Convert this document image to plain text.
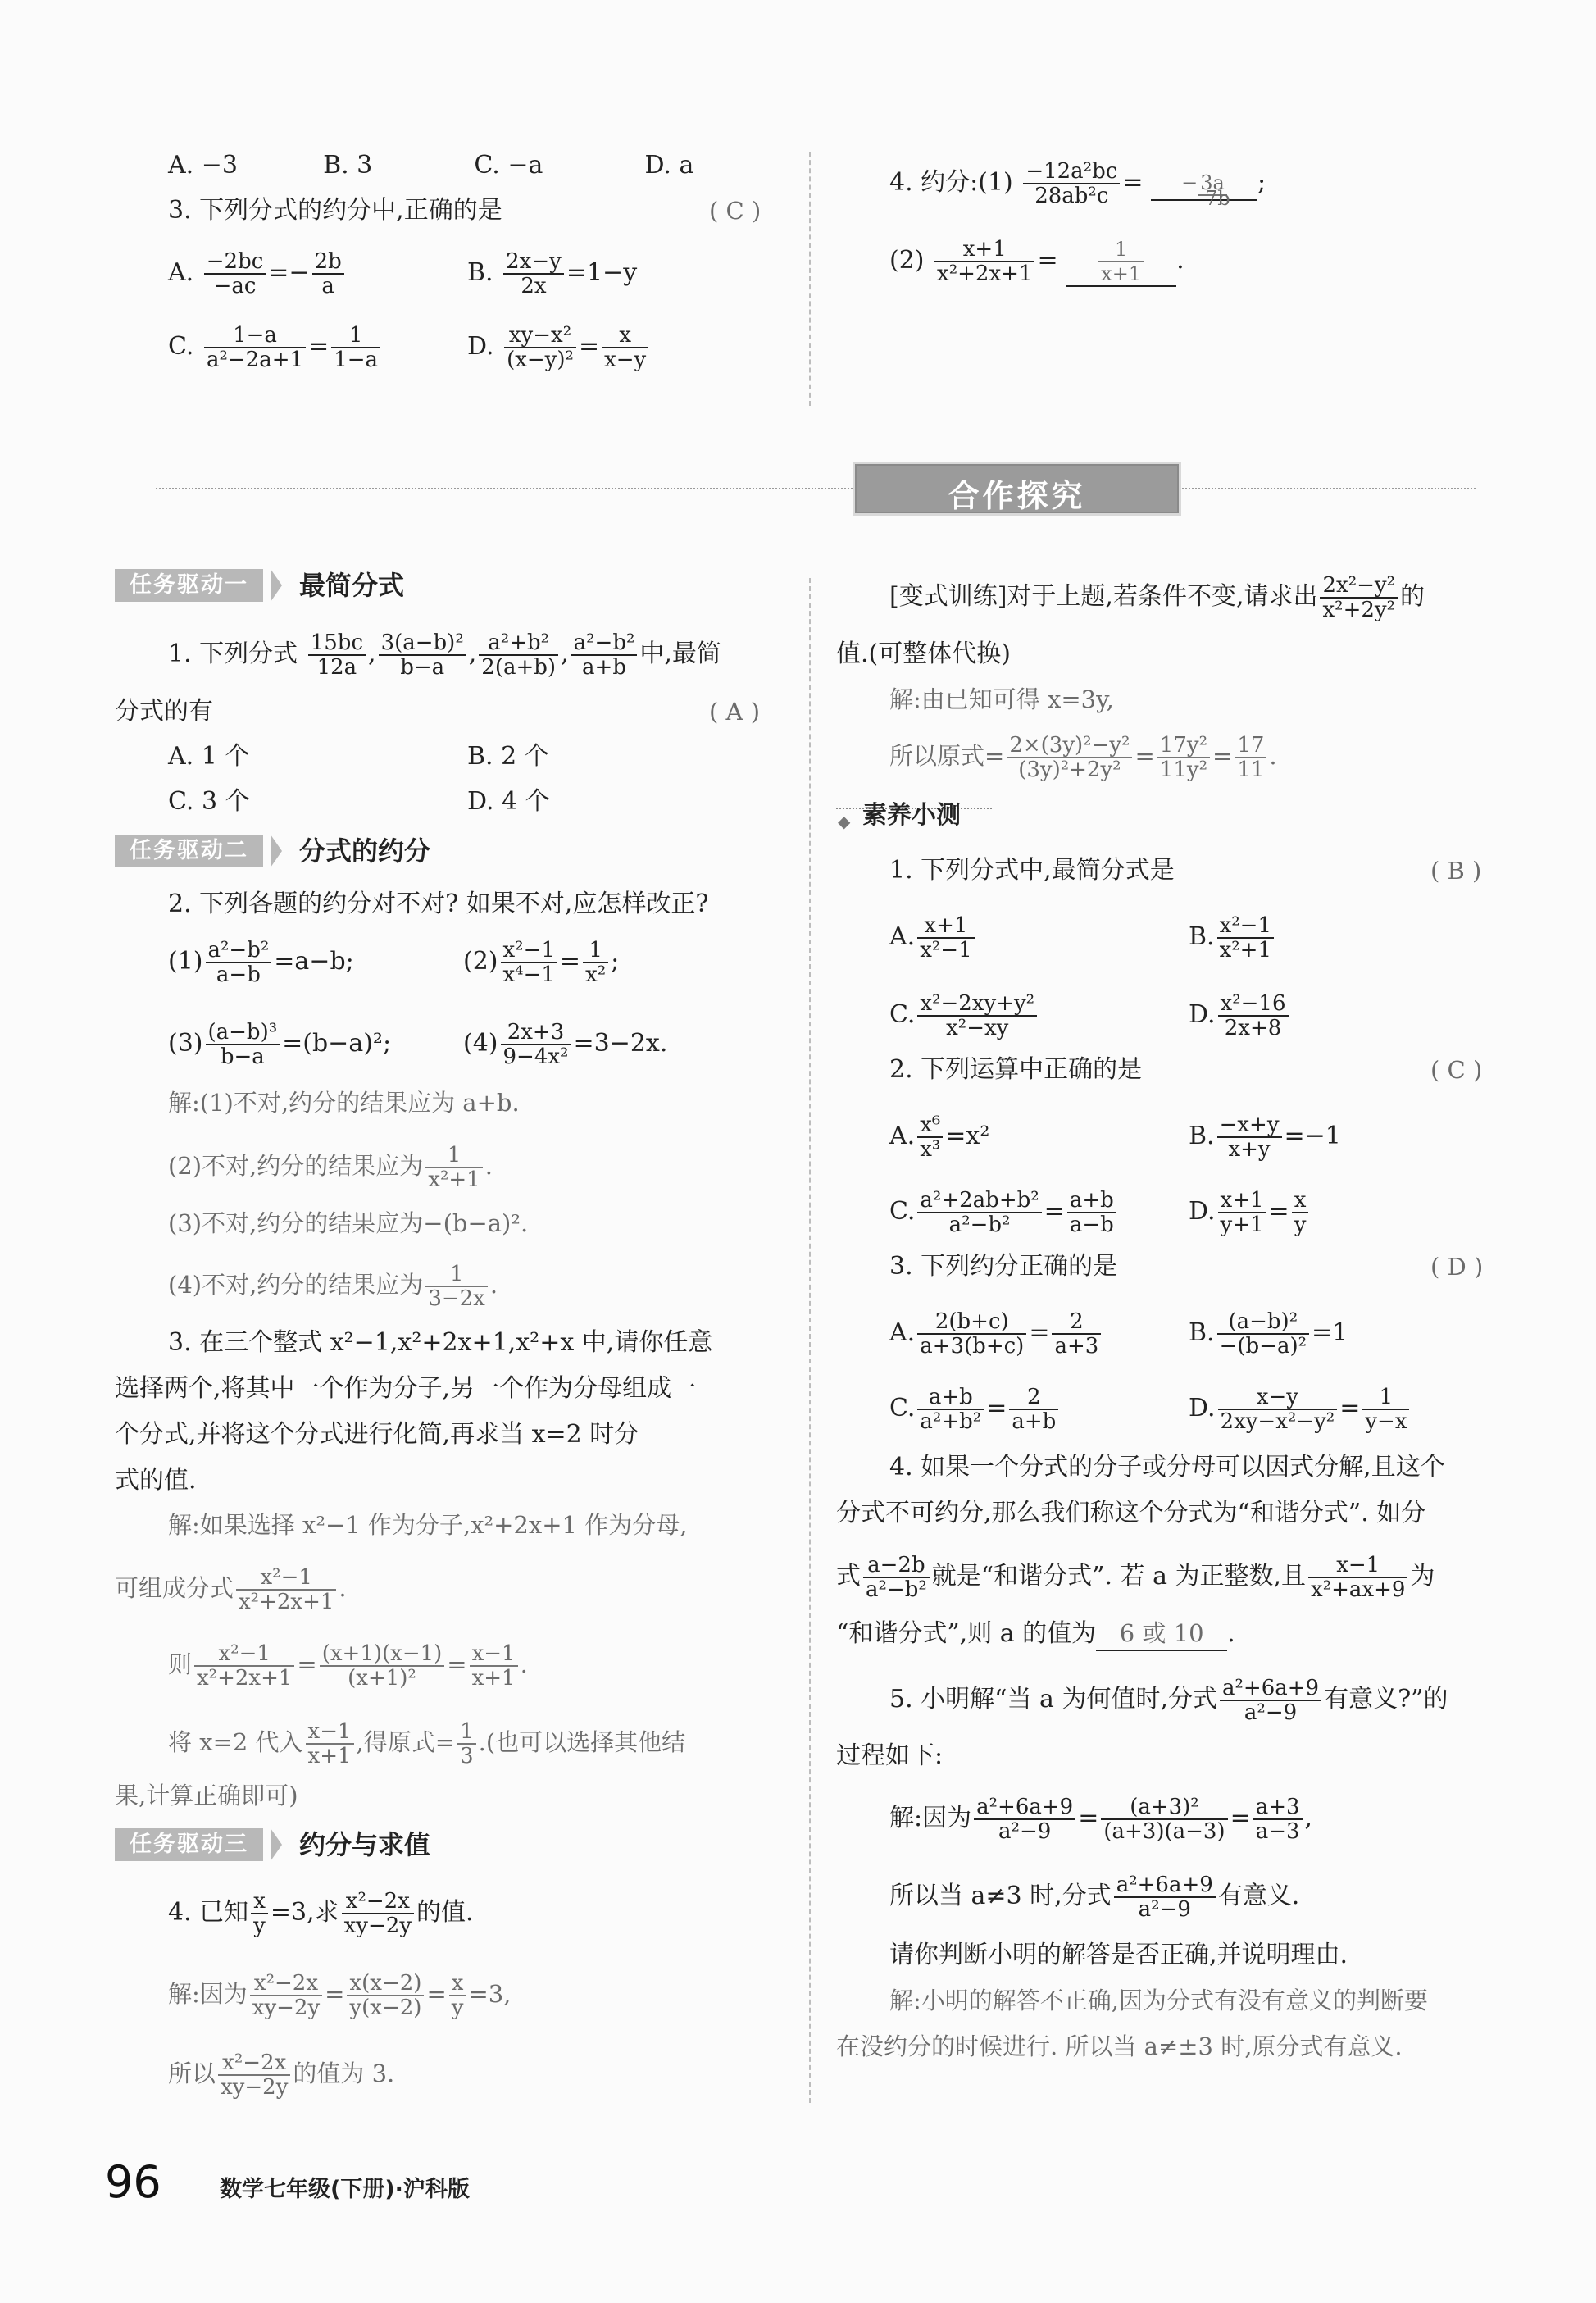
A. −3	B. 3	C. −a	D. a
3. 下列分式的约分中,正确的是	( C )
A. $\frac{-2bc}{-ac} =- \frac{2b}{a}$	B. $\frac{2x-y}{2x} =1-y$
C. $\frac{1-a}{\text{a²−2a+1}} = \frac{1}{1-a}$	D. $\frac{\text{xy−x²}}{\text{(x−y)²}} = \frac{x}{x-y}$
4. 约分:(1) $\frac{\text{−12a²bc}}{\text{28ab²c}}$ = − 3a ;
7b
$(2) \frac{x+1}{\text{x²+2x+1}} = \frac{1}{x+1}$ .
合作探究
任务驱动一	最简分式
1. 下列分式 $\frac{15bc}{12a}$ , $\frac{\text{3(a−b)²}}{b-a}$ , $\frac{\text{a²+b²}}{2(a+b)}$ , $\frac{\text{a²−b²}}{a+b}$ 中,最简
分式的有	( A )
A. 1 个	B. 2 个
C. 3 个	D. 4 个
任务驱动二	分式的约分
2. 下列各题的约分对不对? 如果不对,应怎样改正?
$(1) \frac{\text{a²−b²}}{a-b} =a-b$;	$(2) \frac{\text{x²−1}}{\text{x⁴−1}} = \frac{1}{\text{x²}}$ ;
$(3) \frac{\text{(a−b)³}}{b-a} =(b-a)^2$;	$(4) \frac{2x+3}{\text{9−4x²}} =3-2x$.
解:(1)不对,约分的结果应为 a+b.
(2)不对,约分的结果应为 $\frac{1}{\text{x²+1}}$ .
(3)不对,约分的结果应为−(b−a)².
(4)不对,约分的结果应为 $\frac{1}{3-2x}$ .
3. 在三个整式 x²−1,x²+2x+1,x²+x 中,请你任意
选择两个,将其中一个作为分子,另一个作为分母组成一
个分式,并将这个分式进行化简,再求当 x=2 时分
式的值.
解:如果选择 x²−1 作为分子,x²+2x+1 作为分母,
可组成分式 $\frac{\text{x²−1}}{\text{x²+2x+1}}$ .
则 $\frac{\text{x²−1}}{\text{x²+2x+1}} = \frac{(x+1)(x-1)}{\text{(x+1)²}} = \frac{x-1}{x+1}$ .
将 x=2 代入 $\frac{x-1}{x+1}$ ,得原式= $\frac{1}{3}$ .(也可以选择其他结
果,计算正确即可)
任务驱动三	约分与求值
4. 已知 $\frac{x}{y} =3$,求 $\frac{\text{x²−2x}}{xy-2y}$ 的值.
解:因为 $\frac{\text{x²−2x}}{xy-2y} = \frac{x(x-2)}{y(x-2)} = \frac{x}{y} =3$,
所以 $\frac{\text{x²−2x}}{xy-2y}$ 的值为 3.
[变式训练]对于上题,若条件不变,请求出 $\frac{\text{2x²−y²}}{\text{x²+2y²}}$ 的
值.(可整体代换)
解:由已知可得 x=3y,
所以原式= $\frac{\text{2×(3y)²−y²}}{\text{(3y)²+2y²}} = \frac{\text{17y²}}{\text{11y²}} = \frac{17}{11}$ .
◆ 素养小测
1. 下列分式中,最简分式是	( B )
A. $\frac{x+1}{\text{x²−1}}$	B. $\frac{\text{x²−1}}{\text{x²+1}}$
C. $\frac{\text{x²−2xy+y²}}{\text{x²−xy}}$	D. $\frac{\text{x²−16}}{2x+8}$
2. 下列运算中正确的是	( C )
A. $\frac{\text{x⁶}}{\text{x³}} =x^2$	B. $\frac{-x+y}{x+y} =-1$
C. $\frac{\text{a²+2ab+b²}}{\text{a²−b²}} = \frac{a+b}{a-b}$	D. $\frac{x+1}{y+1} = \frac{x}{y}$
3. 下列约分正确的是	( D )
A. $\frac{2(b+c)}{a+3(b+c)} = \frac{2}{a+3}$	B. $\frac{\text{(a−b)²}}{\text{−(b−a)²}} =1$
C. $\frac{a+b}{\text{a²+b²}} = \frac{2}{a+b}$	D. $\frac{x-y}{\text{2xy−x²−y²}} = \frac{1}{y-x}$
4. 如果一个分式的分子或分母可以因式分解,且这个
分式不可约分,那么我们称这个分式为“和谐分式”. 如分
式 $\frac{a-2b}{\text{a²−b²}}$ 就是“和谐分式”. 若 a 为正整数,且 $\frac{x-1}{\text{x²+ax+9}}$ 为
“和谐分式”,则 a 的值为 6 或 10 .
5. 小明解“当 a 为何值时,分式 $\frac{\text{a²+6a+9}}{\text{a²−9}}$ 有意义?”的
过程如下:
解:因为 $\frac{\text{a²+6a+9}}{\text{a²−9}} = \frac{\text{(a+3)²}}{(a+3)(a-3)} = \frac{a+3}{a-3}$ ,
所以当 a≠3 时,分式 $\frac{\text{a²+6a+9}}{\text{a²−9}}$ 有意义.
请你判断小明的解答是否正确,并说明理由.
解:小明的解答不正确,因为分式有没有意义的判断要
在没约分的时候进行. 所以当 a≠±3 时,原分式有意义.
96	数学七年级(下册)·沪科版
